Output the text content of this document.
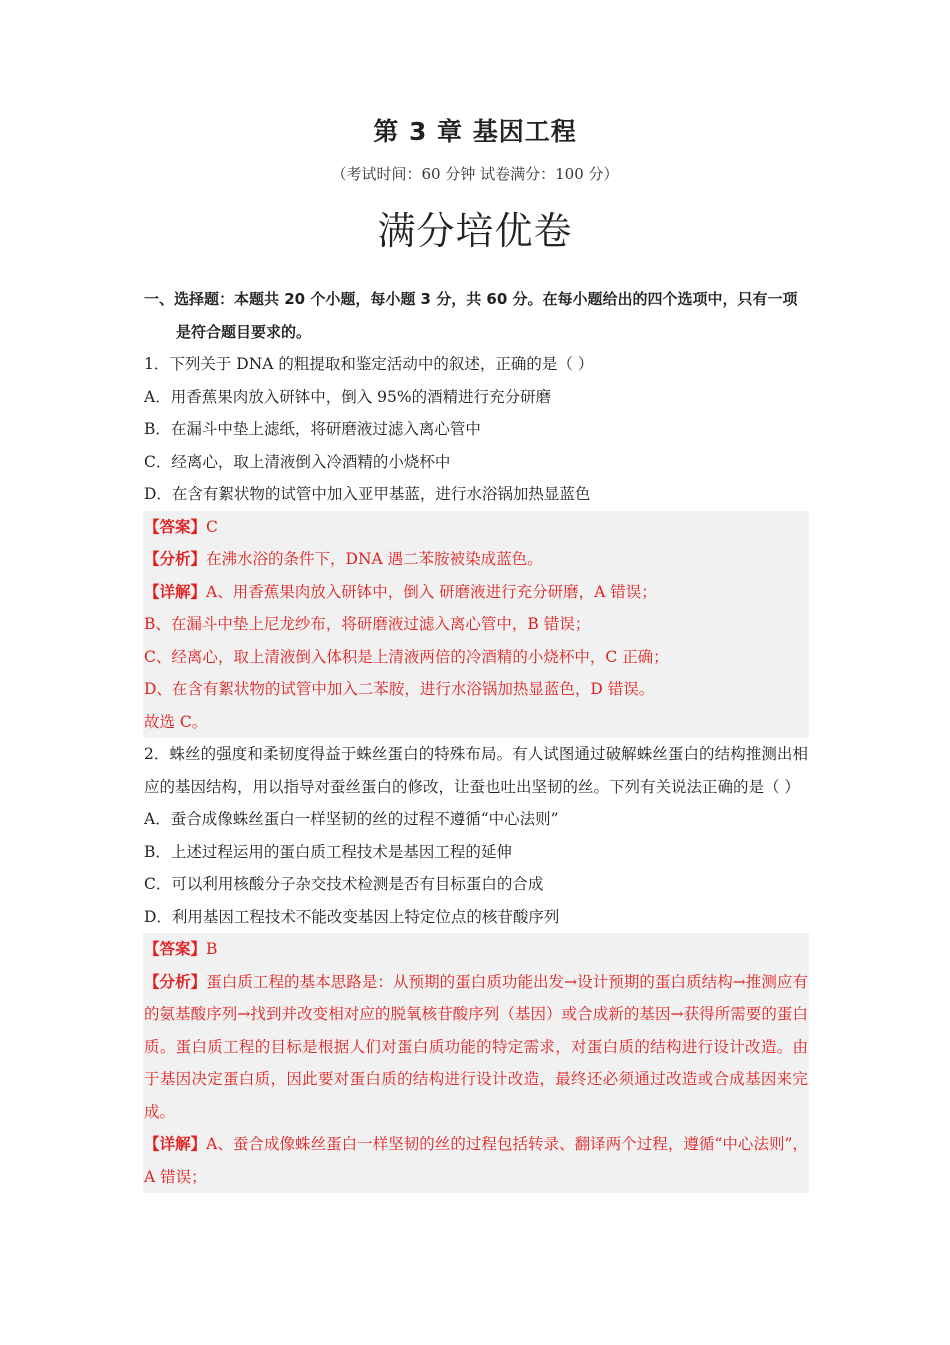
第 3 章 基因工程
（考试时间：60 分钟 试卷满分：100 分）
满分培优卷
一、选择题：本题共 20 个小题，每小题 3 分，共 60 分。在每小题给出的四个选项中，只有一项是符合题目要求的。
1．下列关于 DNA 的粗提取和鉴定活动中的叙述，正确的是（ ）
A．用香蕉果肉放入研钵中，倒入 95%的酒精进行充分研磨
B．在漏斗中垫上滤纸，将研磨液过滤入离心管中
C．经离心，取上清液倒入冷酒精的小烧杯中
D．在含有絮状物的试管中加入亚甲基蓝，进行水浴锅加热显蓝色
【答案】C
【分析】在沸水浴的条件下，DNA 遇二苯胺被染成蓝色。
【详解】A、用香蕉果肉放入研钵中，倒入 研磨液进行充分研磨，A 错误；
B、在漏斗中垫上尼龙纱布，将研磨液过滤入离心管中，B 错误；
C、经离心，取上清液倒入体积是上清液两倍的冷酒精的小烧杯中，C 正确；
D、在含有絮状物的试管中加入二苯胺，进行水浴锅加热显蓝色，D 错误。
故选 C。
2．蛛丝的强度和柔韧度得益于蛛丝蛋白的特殊布局。有人试图通过破解蛛丝蛋白的结构推测出相应的基因结构，用以指导对蚕丝蛋白的修改，让蚕也吐出坚韧的丝。下列有关说法正确的是（ ）
A．蚕合成像蛛丝蛋白一样坚韧的丝的过程不遵循“中心法则”
B．上述过程运用的蛋白质工程技术是基因工程的延伸
C．可以利用核酸分子杂交技术检测是否有目标蛋白的合成
D．利用基因工程技术不能改变基因上特定位点的核苷酸序列
【答案】B
【分析】蛋白质工程的基本思路是：从预期的蛋白质功能出发→设计预期的蛋白质结构→推测应有的氨基酸序列→找到并改变相对应的脱氧核苷酸序列（基因）或合成新的基因→获得所需要的蛋白质。蛋白质工程的目标是根据人们对蛋白质功能的特定需求，对蛋白质的结构进行设计改造。由于基因决定蛋白质，因此要对蛋白质的结构进行设计改造，最终还必须通过改造或合成基因来完成。
【详解】A、蚕合成像蛛丝蛋白一样坚韧的丝的过程包括转录、翻译两个过程，遵循“中心法则”，A 错误；
